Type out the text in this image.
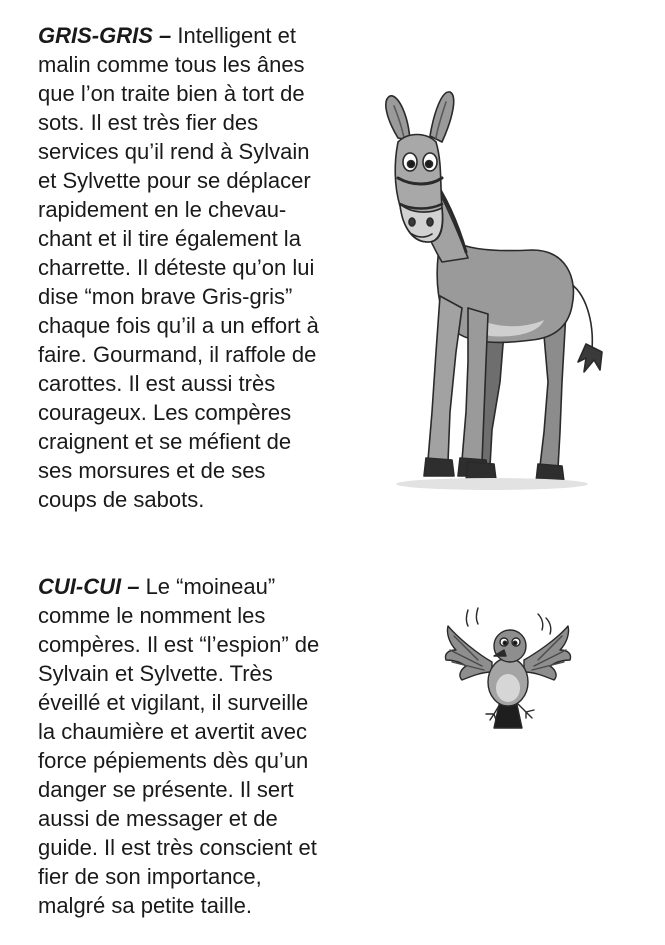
GRIS-GRIS – Intelligent et
malin comme tous les ânes
que l’on traite bien à tort de
sots. Il est très fier des
services qu’il rend à Sylvain
et Sylvette pour se déplacer
rapidement en le chevau-
chant et il tire également la
charrette. Il déteste qu’on lui
dise “mon brave Gris-gris”
chaque fois qu’il a un effort à
faire. Gourmand, il raffole de
carottes. Il est aussi très
courageux. Les compères
craignent et se méfient de
ses morsures et de ses
coups de sabots.
CUI-CUI – Le “moineau”
comme le nomment les
compères. Il est “l’espion” de
Sylvain et Sylvette. Très
éveillé et vigilant, il surveille
la chaumière et avertit avec
force pépiements dès qu’un
danger se présente. Il sert
aussi de messager et de
guide. Il est très conscient et
fier de son importance,
malgré sa petite taille.
